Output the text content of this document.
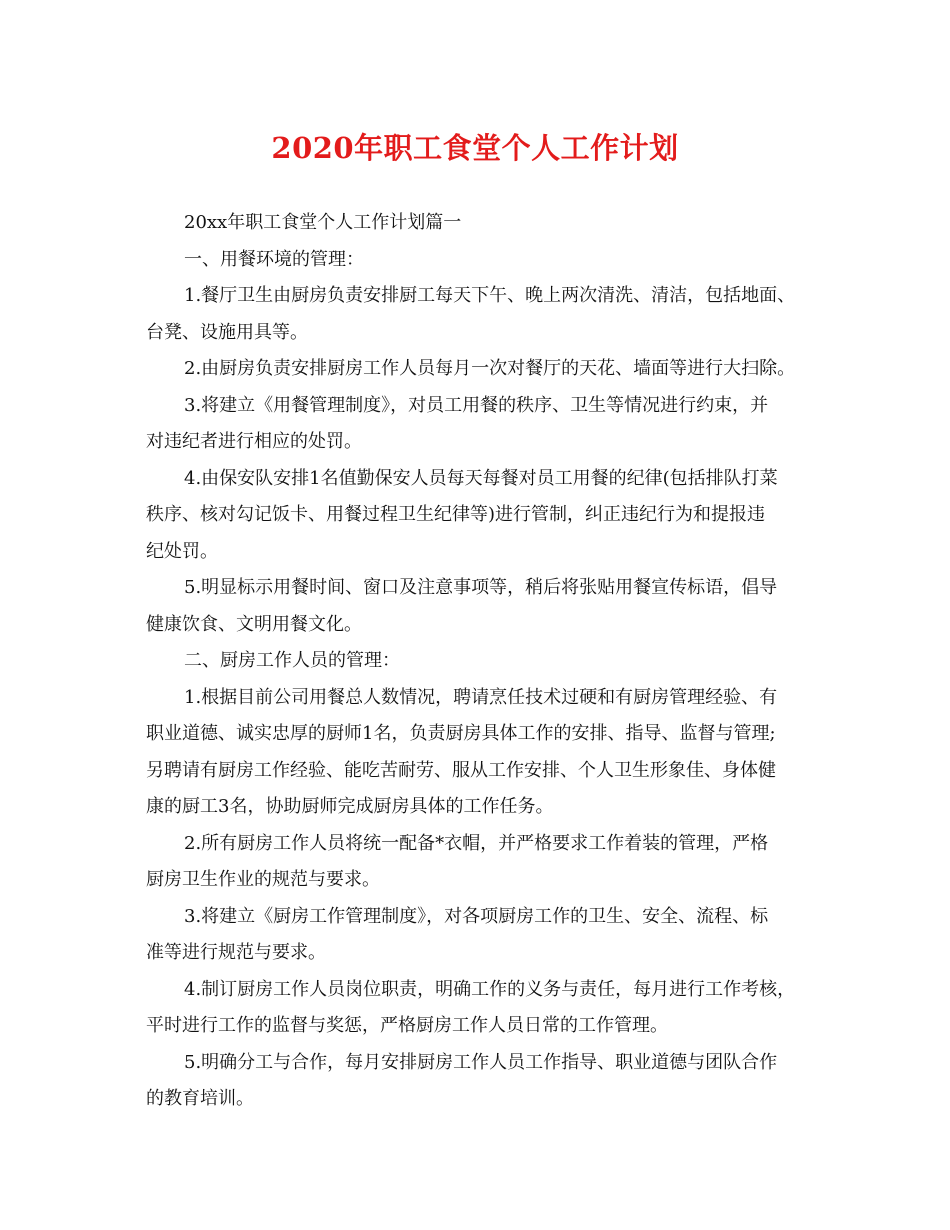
2020年职工食堂个人工作计划
20xx年职工食堂个人工作计划篇一
一、用餐环境的管理：
1.餐厅卫生由厨房负责安排厨工每天下午、晚上两次清洗、清洁，包括地面、
台凳、设施用具等。
2.由厨房负责安排厨房工作人员每月一次对餐厅的天花、墙面等进行大扫除。
3.将建立《用餐管理制度》，对员工用餐的秩序、卫生等情况进行约束，并
对违纪者进行相应的处罚。
4.由保安队安排1名值勤保安人员每天每餐对员工用餐的纪律(包括排队打菜
秩序、核对勾记饭卡、用餐过程卫生纪律等)进行管制，纠正违纪行为和提报违
纪处罚。
5.明显标示用餐时间、窗口及注意事项等，稍后将张贴用餐宣传标语，倡导
健康饮食、文明用餐文化。
二、厨房工作人员的管理：
1.根据目前公司用餐总人数情况，聘请烹任技术过硬和有厨房管理经验、有
职业道德、诚实忠厚的厨师1名，负责厨房具体工作的安排、指导、监督与管理;
另聘请有厨房工作经验、能吃苦耐劳、服从工作安排、个人卫生形象佳、身体健
康的厨工3名，协助厨师完成厨房具体的工作任务。
2.所有厨房工作人员将统一配备*衣帽，并严格要求工作着装的管理，严格
厨房卫生作业的规范与要求。
3.将建立《厨房工作管理制度》，对各项厨房工作的卫生、安全、流程、标
准等进行规范与要求。
4.制订厨房工作人员岗位职责，明确工作的义务与责任，每月进行工作考核，
平时进行工作的监督与奖惩，严格厨房工作人员日常的工作管理。
5.明确分工与合作，每月安排厨房工作人员工作指导、职业道德与团队合作
的教育培训。
